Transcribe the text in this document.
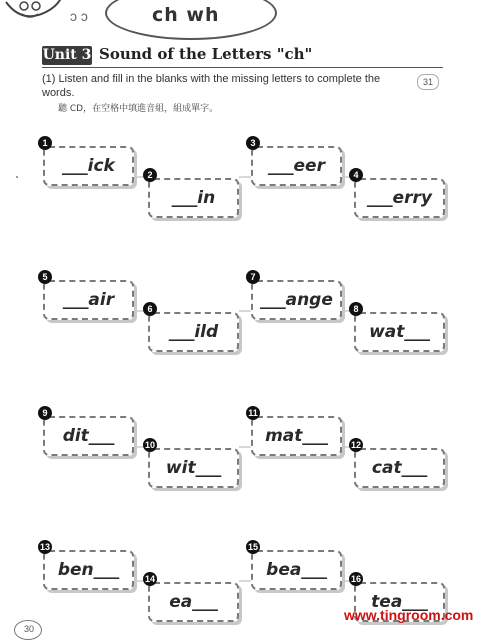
ↄ ↄ	ch wh
Unit 3 Sound of the Letters "ch"
(1) Listen and fill in the blanks with the missing letters to complete the words.
31
聽 CD，在空格中填進音組，組成單字。
___ick
1
___in
2	___eer
3
___erry
4
___air
5
___ild
6	___ange
7
wat___
8
dit___
9
wit___
10	mat___
11
cat___
12
ben___
13
ea___
14	bea___
15
tea___
16
30
www.tingroom.com
